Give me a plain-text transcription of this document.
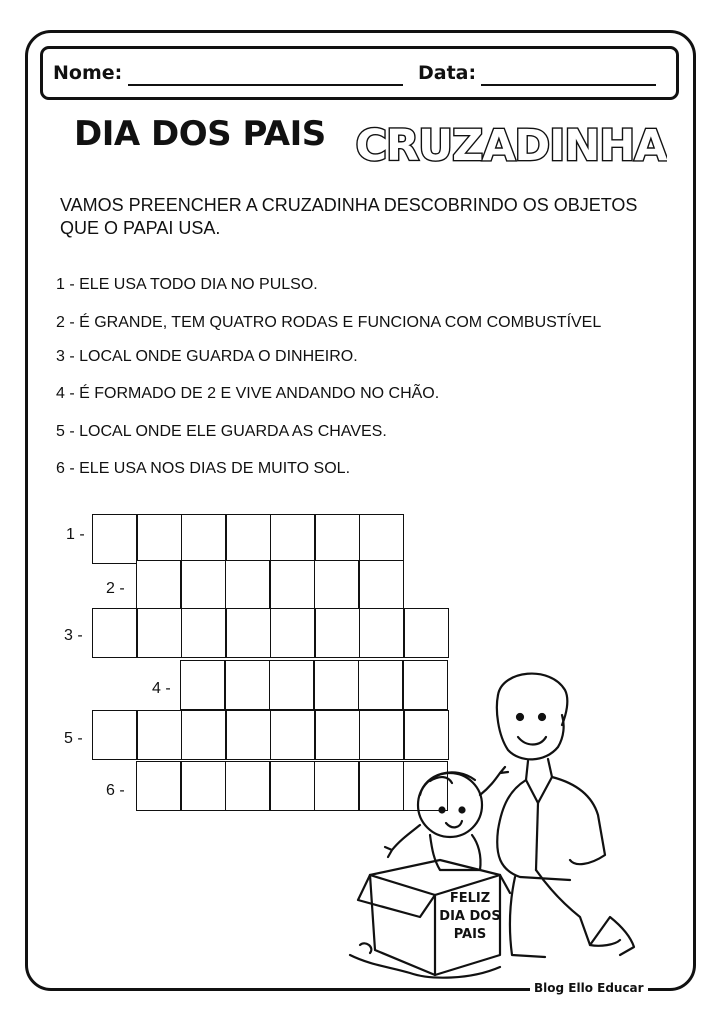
Nome:	Data:
DIA DOS PAIS CRUZADINHA
VAMOS PREENCHER A CRUZADINHA DESCOBRINDO OS OBJETOS QUE O PAPAI USA.
1 - ELE USA TODO DIA NO PULSO.
2 - É GRANDE, TEM QUATRO RODAS E FUNCIONA COM COMBUSTÍVEL
3 - LOCAL ONDE GUARDA O DINHEIRO.
4 - É FORMADO DE 2 E VIVE ANDANDO NO CHÃO.
5 - LOCAL ONDE ELE GUARDA AS CHAVES.
6 - ELE USA NOS DIAS DE MUITO SOL.
1 -
2 -
3 -
4 -
5 -
6 -
FELIZ
DIA DOS
PAIS
Blog Ello Educar
